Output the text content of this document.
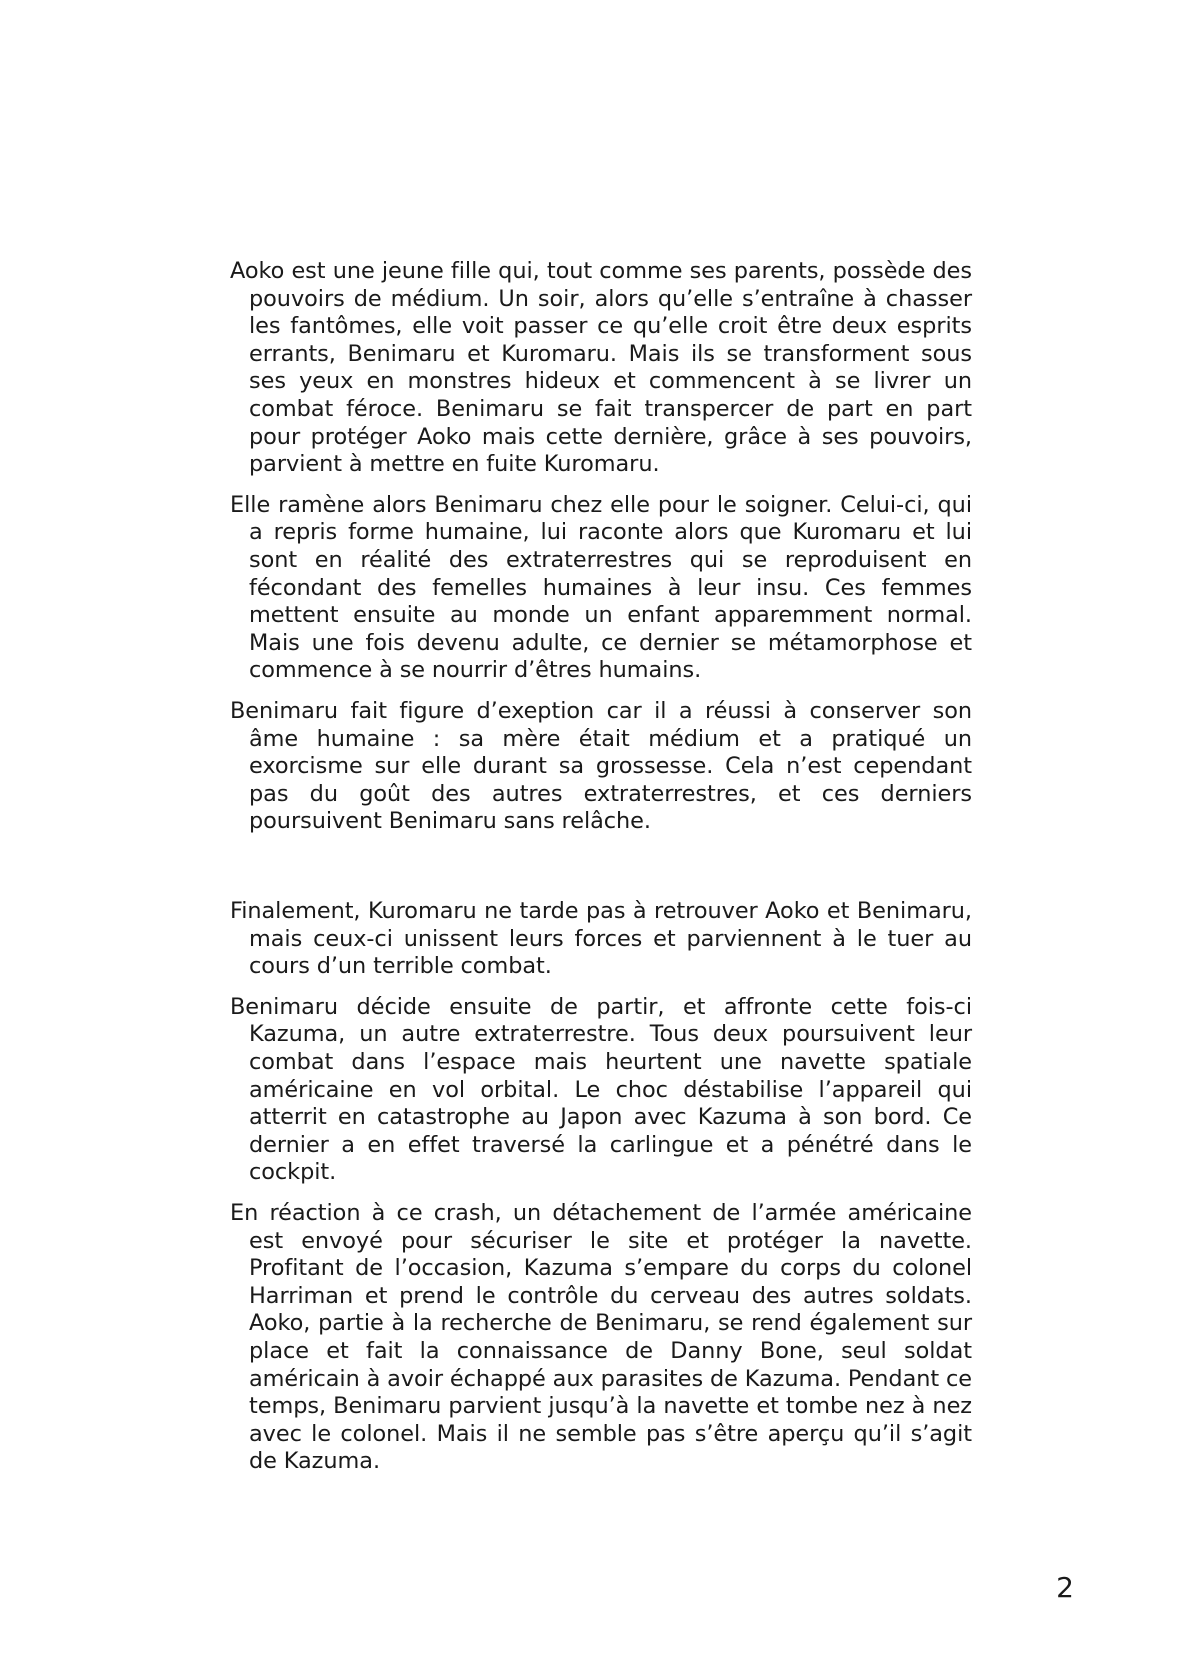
Aoko est une jeune fille qui, tout comme ses parents, possède des pouvoirs de médium. Un soir, alors qu’elle s’entraîne à chasser les fantômes, elle voit passer ce qu’elle croit être deux esprits errants, Benimaru et Kuromaru. Mais ils se transforment sous ses yeux en monstres hideux et commencent à se livrer un combat féroce. Benimaru se fait transpercer de part en part pour protéger Aoko mais cette dernière, grâce à ses pouvoirs, parvient à mettre en fuite Kuromaru.

Elle ramène alors Benimaru chez elle pour le soigner. Celui-ci, qui a repris forme humaine, lui raconte alors que Kuromaru et lui sont en réalité des extraterrestres qui se reproduisent en fécondant des femelles humaines à leur insu. Ces femmes mettent ensuite au monde un enfant apparemment normal. Mais une fois devenu adulte, ce dernier se métamorphose et commence à se nourrir d’êtres humains.

Benimaru fait figure d’exeption car il a réussi à conserver son âme humaine : sa mère était médium et a pratiqué un exorcisme sur elle durant sa grossesse. Cela n’est cependant pas du goût des autres extraterrestres, et ces derniers poursuivent Benimaru sans relâche.

Finalement, Kuromaru ne tarde pas à retrouver Aoko et Benimaru, mais ceux-ci unissent leurs forces et parviennent à le tuer au cours d’un terrible combat.

Benimaru décide ensuite de partir, et affronte cette fois-ci Kazuma, un autre extraterrestre. Tous deux poursuivent leur combat dans l’espace mais heurtent une navette spatiale américaine en vol orbital. Le choc déstabilise l’appareil qui atterrit en catastrophe au Japon avec Kazuma à son bord. Ce dernier a en effet traversé la carlingue et a pénétré dans le cockpit.

En réaction à ce crash, un détachement de l’armée américaine est envoyé pour sécuriser le site et protéger la navette. Profitant de l’occasion, Kazuma s’empare du corps du colonel Harriman et prend le contrôle du cerveau des autres soldats. Aoko, partie à la recherche de Benimaru, se rend également sur place et fait la connaissance de Danny Bone, seul soldat américain à avoir échappé aux parasites de Kazuma. Pendant ce temps, Benimaru parvient jusqu’à la navette et tombe nez à nez avec le colonel. Mais il ne semble pas s’être aperçu qu’il s’agit de Kazuma.

2
